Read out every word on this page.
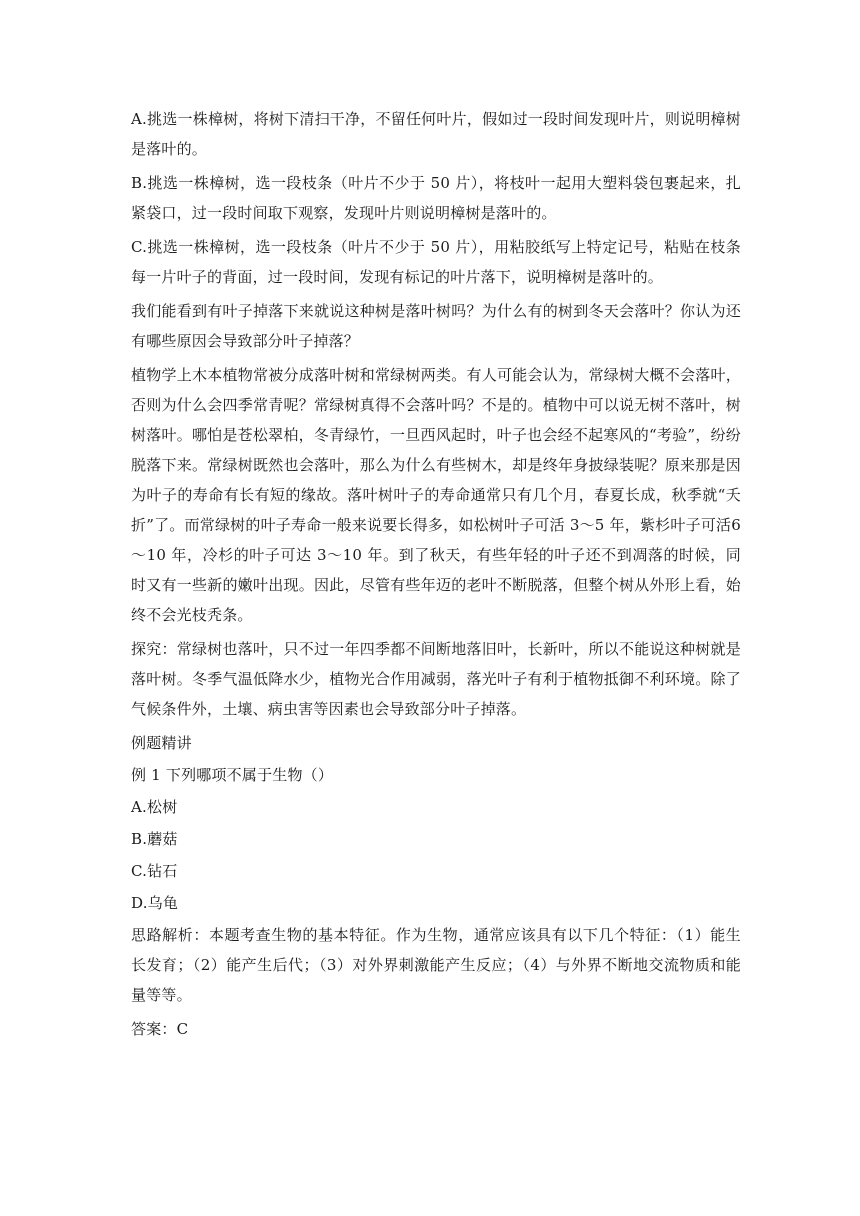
A.挑选一株樟树，将树下清扫干净，不留任何叶片，假如过一段时间发现叶片，则说明樟树是落叶的。

B.挑选一株樟树，选一段枝条（叶片不少于 50 片），将枝叶一起用大塑料袋包裹起来，扎紧袋口，过一段时间取下观察，发现叶片则说明樟树是落叶的。

C.挑选一株樟树，选一段枝条（叶片不少于 50 片），用粘胶纸写上特定记号，粘贴在枝条每一片叶子的背面，过一段时间，发现有标记的叶片落下，说明樟树是落叶的。

我们能看到有叶子掉落下来就说这种树是落叶树吗？为什么有的树到冬天会落叶？你认为还有哪些原因会导致部分叶子掉落？

植物学上木本植物常被分成落叶树和常绿树两类。有人可能会认为，常绿树大概不会落叶，否则为什么会四季常青呢？常绿树真得不会落叶吗？不是的。植物中可以说无树不落叶，树树落叶。哪怕是苍松翠柏，冬青绿竹，一旦西风起时，叶子也会经不起寒风的“考验”，纷纷脱落下来。常绿树既然也会落叶，那么为什么有些树木，却是终年身披绿装呢？原来那是因为叶子的寿命有长有短的缘故。落叶树叶子的寿命通常只有几个月，春夏长成，秋季就“夭折”了。而常绿树的叶子寿命一般来说要长得多，如松树叶子可活 3～5 年，紫杉叶子可活6～10 年，冷杉的叶子可达 3～10 年。到了秋天，有些年轻的叶子还不到凋落的时候，同时又有一些新的嫩叶出现。因此，尽管有些年迈的老叶不断脱落，但整个树从外形上看，始终不会光枝秃条。

探究：常绿树也落叶，只不过一年四季都不间断地落旧叶，长新叶，所以不能说这种树就是落叶树。冬季气温低降水少，植物光合作用减弱，落光叶子有利于植物抵御不利环境。除了气候条件外，土壤、病虫害等因素也会导致部分叶子掉落。

例题精讲

例 1 下列哪项不属于生物（）

A.松树

B.蘑菇

C.钻石

D.乌龟

思路解析：本题考查生物的基本特征。作为生物，通常应该具有以下几个特征：（1）能生长发育；（2）能产生后代；（3）对外界刺激能产生反应；（4）与外界不断地交流物质和能量等等。

答案：C
